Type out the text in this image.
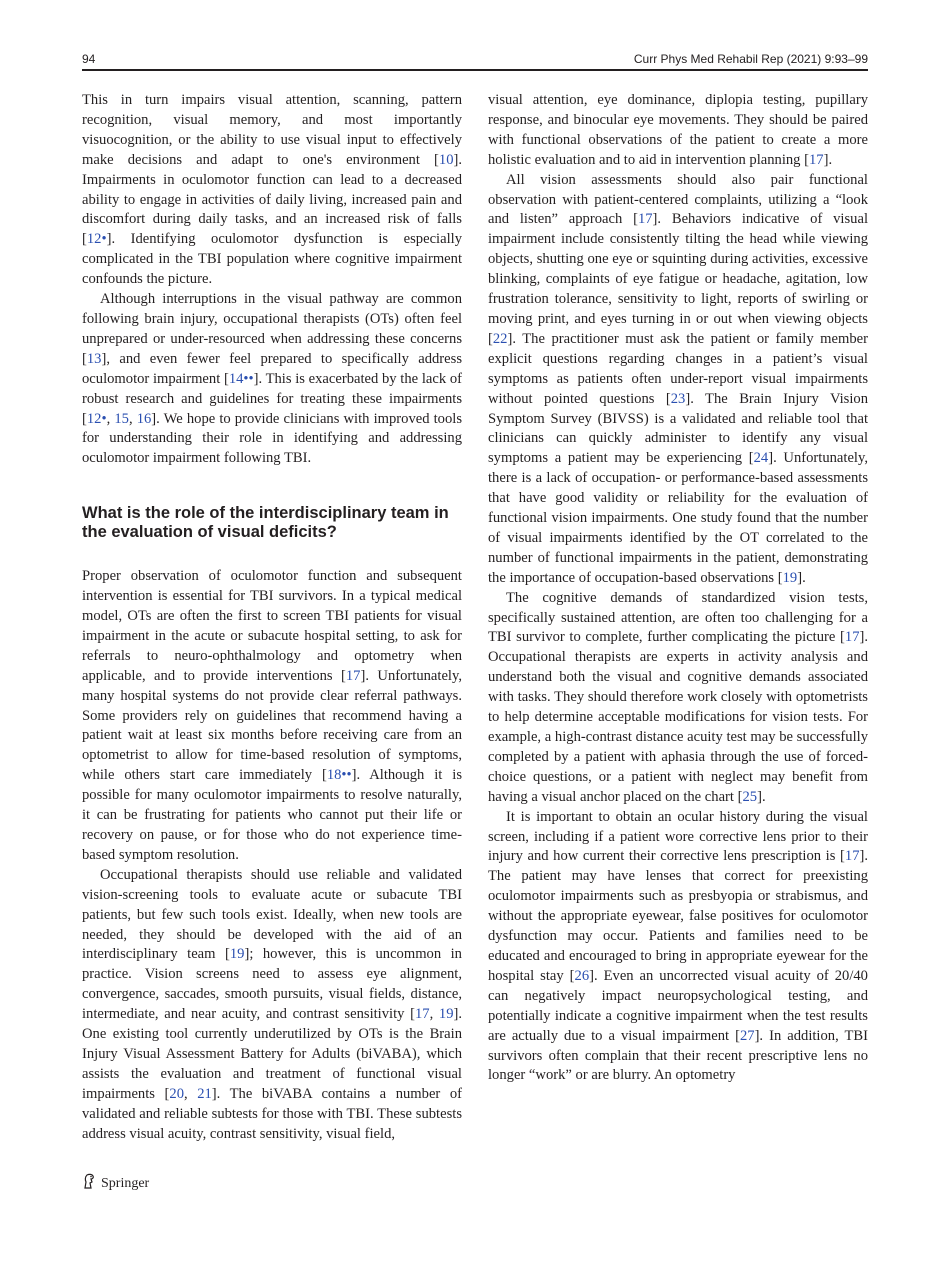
94	Curr Phys Med Rehabil Rep (2021) 9:93–99

This in turn impairs visual attention, scanning, pattern recognition, visual memory, and most importantly visuocognition, or the ability to use visual input to effectively make decisions and adapt to one's environment [10]. Impairments in oculomotor function can lead to a decreased ability to engage in activities of daily living, increased pain and discomfort during daily tasks, and an increased risk of falls [12•]. Identifying oculomotor dysfunction is especially complicated in the TBI population where cognitive impairment confounds the picture.

Although interruptions in the visual pathway are common following brain injury, occupational therapists (OTs) often feel unprepared or under-resourced when addressing these concerns [13], and even fewer feel prepared to specifically address oculomotor impairment [14••]. This is exacerbated by the lack of robust research and guidelines for treating these impairments [12•, 15, 16]. We hope to provide clinicians with improved tools for understanding their role in identifying and addressing oculomotor impairment following TBI.

What is the role of the interdisciplinary team in the evaluation of visual deficits?

Proper observation of oculomotor function and subsequent intervention is essential for TBI survivors. In a typical medical model, OTs are often the first to screen TBI patients for visual impairment in the acute or subacute hospital setting, to ask for referrals to neuro-ophthalmology and optometry when applicable, and to provide interventions [17]. Unfortunately, many hospital systems do not provide clear referral pathways. Some providers rely on guidelines that recommend having a patient wait at least six months before receiving care from an optometrist to allow for time-based resolution of symptoms, while others start care immediately [18••]. Although it is possible for many oculomotor impairments to resolve naturally, it can be frustrating for patients who cannot put their life or recovery on pause, or for those who do not experience time-based symptom resolution.

Occupational therapists should use reliable and validated vision-screening tools to evaluate acute or subacute TBI patients, but few such tools exist. Ideally, when new tools are needed, they should be developed with the aid of an interdisciplinary team [19]; however, this is uncommon in practice. Vision screens need to assess eye alignment, convergence, saccades, smooth pursuits, visual fields, distance, intermediate, and near acuity, and contrast sensitivity [17, 19]. One existing tool currently underutilized by OTs is the Brain Injury Visual Assessment Battery for Adults (biVABA), which assists the evaluation and treatment of functional visual impairments [20, 21]. The biVABA contains a number of validated and reliable subtests for those with TBI. These subtests address visual acuity, contrast sensitivity, visual field,

visual attention, eye dominance, diplopia testing, pupillary response, and binocular eye movements. They should be paired with functional observations of the patient to create a more holistic evaluation and to aid in intervention planning [17].

All vision assessments should also pair functional observation with patient-centered complaints, utilizing a “look and listen” approach [17]. Behaviors indicative of visual impairment include consistently tilting the head while viewing objects, shutting one eye or squinting during activities, excessive blinking, complaints of eye fatigue or headache, agitation, low frustration tolerance, sensitivity to light, reports of swirling or moving print, and eyes turning in or out when viewing objects [22]. The practitioner must ask the patient or family member explicit questions regarding changes in a patient’s visual symptoms as patients often under-report visual impairments without pointed questions [23]. The Brain Injury Vision Symptom Survey (BIVSS) is a validated and reliable tool that clinicians can quickly administer to identify any visual symptoms a patient may be experiencing [24]. Unfortunately, there is a lack of occupation- or performance-based assessments that have good validity or reliability for the evaluation of functional vision impairments. One study found that the number of visual impairments identified by the OT correlated to the number of functional impairments in the patient, demonstrating the importance of occupation-based observations [19].

The cognitive demands of standardized vision tests, specifically sustained attention, are often too challenging for a TBI survivor to complete, further complicating the picture [17]. Occupational therapists are experts in activity analysis and understand both the visual and cognitive demands associated with tasks. They should therefore work closely with optometrists to help determine acceptable modifications for vision tests. For example, a high-contrast distance acuity test may be successfully completed by a patient with aphasia through the use of forced-choice questions, or a patient with neglect may benefit from having a visual anchor placed on the chart [25].

It is important to obtain an ocular history during the visual screen, including if a patient wore corrective lens prior to their injury and how current their corrective lens prescription is [17]. The patient may have lenses that correct for preexisting oculomotor impairments such as presbyopia or strabismus, and without the appropriate eyewear, false positives for oculomotor dysfunction may occur. Patients and families need to be educated and encouraged to bring in appropriate eyewear for the hospital stay [26]. Even an uncorrected visual acuity of 20/40 can negatively impact neuropsychological testing, and potentially indicate a cognitive impairment when the test results are actually due to a visual impairment [27]. In addition, TBI survivors often complain that their recent prescriptive lens no longer “work” or are blurry. An optometry

Springer
